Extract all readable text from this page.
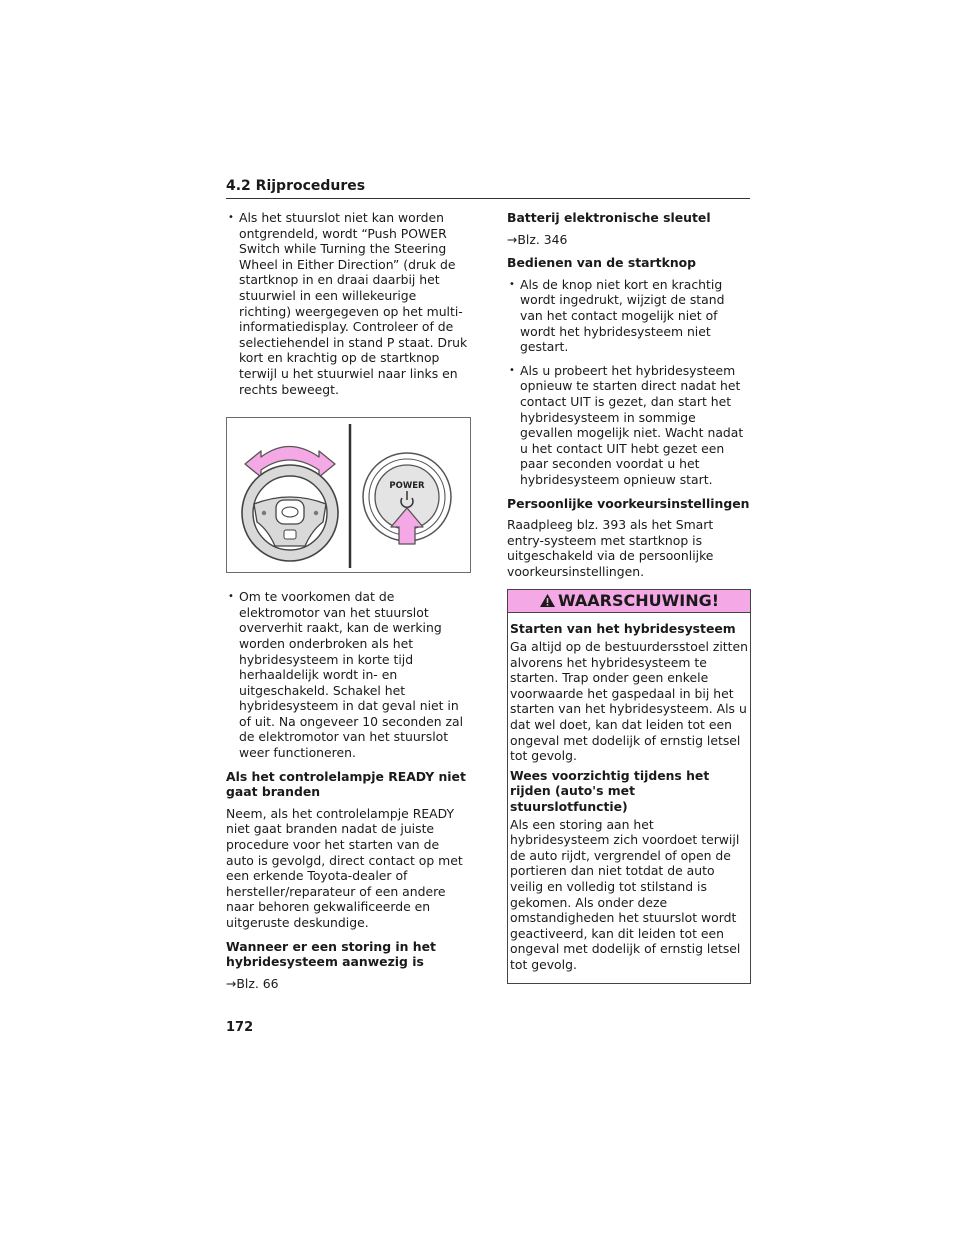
4.2 Rijprocedures

• Als het stuurslot niet kan worden ontgrendeld, wordt “Push POWER Switch while Turning the Steering Wheel in Either Direction” (druk de startknop in en draai daarbij het stuurwiel in een willekeurige richting) weergegeven op het multi-informatiedisplay. Controleer of de selectiehendel in stand P staat. Druk kort en krachtig op de startknop terwijl u het stuurwiel naar links en rechts beweegt.

POWER

• Om te voorkomen dat de elektromotor van het stuurslot oververhit raakt, kan de werking worden onderbroken als het hybridesysteem in korte tijd herhaaldelijk wordt in- en uitgeschakeld. Schakel het hybridesysteem in dat geval niet in of uit. Na ongeveer 10 seconden zal de elektromotor van het stuurslot weer functioneren.

Als het controlelampje READY niet gaat branden

Neem, als het controlelampje READY niet gaat branden nadat de juiste procedure voor het starten van de auto is gevolgd, direct contact op met een erkende Toyota-dealer of hersteller/reparateur of een andere naar behoren gekwalificeerde en uitgeruste deskundige.

Wanneer er een storing in het hybridesysteem aanwezig is

→Blz. 66

Batterij elektronische sleutel

→Blz. 346

Bedienen van de startknop

• Als de knop niet kort en krachtig wordt ingedrukt, wijzigt de stand van het contact mogelijk niet of wordt het hybridesysteem niet gestart.

• Als u probeert het hybridesysteem opnieuw te starten direct nadat het contact UIT is gezet, dan start het hybridesysteem in sommige gevallen mogelijk niet. Wacht nadat u het contact UIT hebt gezet een paar seconden voordat u het hybridesysteem opnieuw start.

Persoonlijke voorkeursinstellingen

Raadpleeg blz. 393 als het Smart entry-systeem met startknop is uitgeschakeld via de persoonlijke voorkeursinstellingen.

WAARSCHUWING!

Starten van het hybridesysteem

Ga altijd op de bestuurdersstoel zitten alvorens het hybridesysteem te starten. Trap onder geen enkele voorwaarde het gaspedaal in bij het starten van het hybridesysteem. Als u dat wel doet, kan dat leiden tot een ongeval met dodelijk of ernstig letsel tot gevolg.

Wees voorzichtig tijdens het rijden (auto's met stuurslotfunctie)

Als een storing aan het hybridesysteem zich voordoet terwijl de auto rijdt, vergrendel of open de portieren dan niet totdat de auto veilig en volledig tot stilstand is gekomen. Als onder deze omstandigheden het stuurslot wordt geactiveerd, kan dit leiden tot een ongeval met dodelijk of ernstig letsel tot gevolg.

172
